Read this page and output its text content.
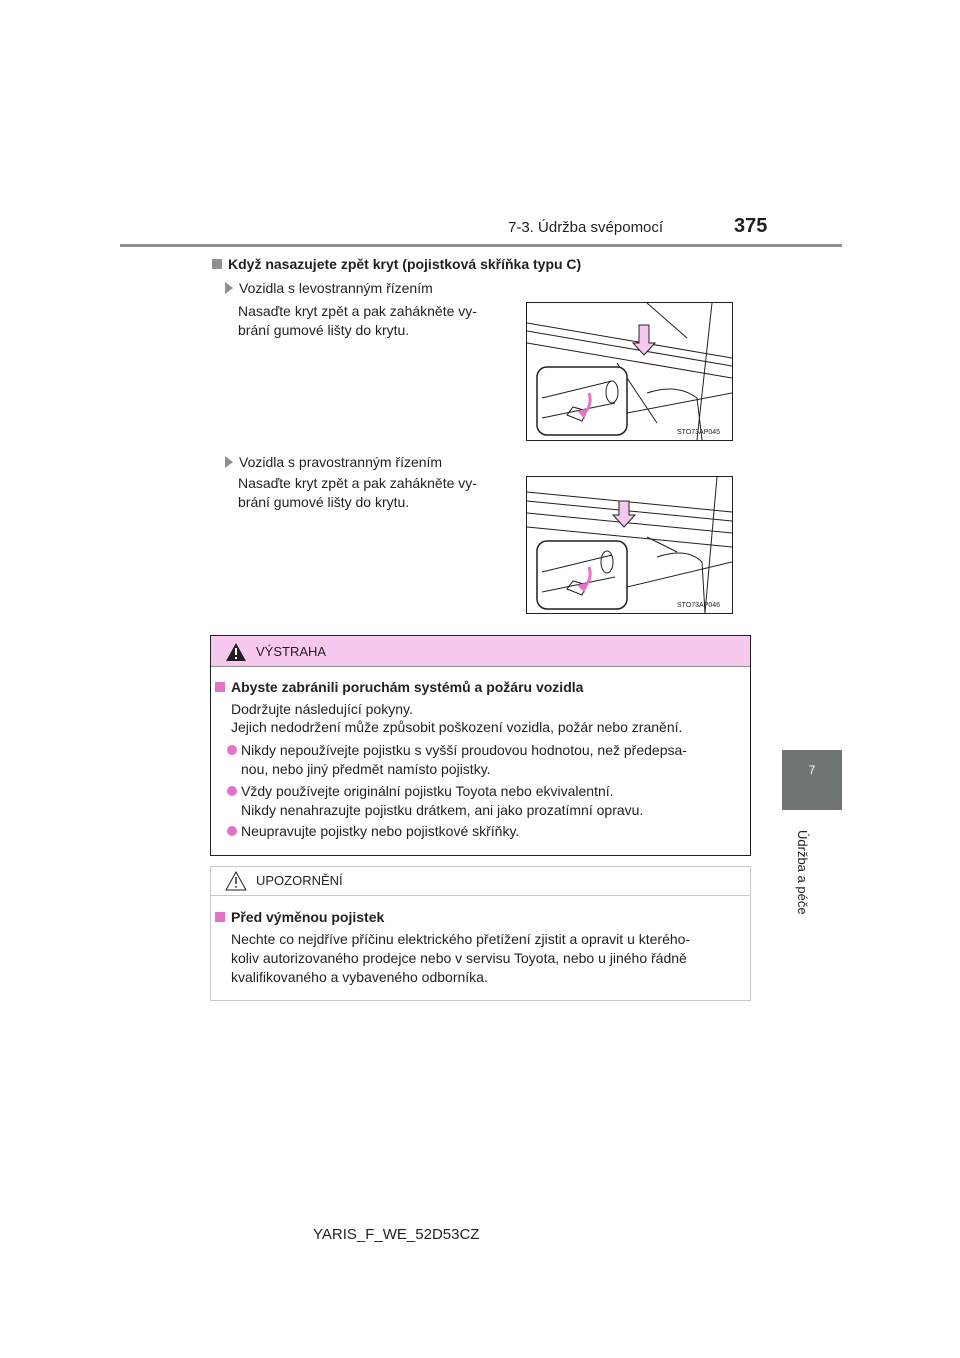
7-3. Údržba svépomocí	375
7
Údržba a péče
Když nasazujete zpět kryt (pojistková skříňka typu C)
Vozidla s levostranným řízením
Nasaďte kryt zpět a pak zahákněte vy-
brání gumové lišty do krytu.
STO73AP045
Vozidla s pravostranným řízením
Nasaďte kryt zpět a pak zahákněte vy-
brání gumové lišty do krytu.
STO73AP046
VÝSTRAHA
Abyste zabránili poruchám systémů a požáru vozidla
Dodržujte následující pokyny.
Jejich nedodržení může způsobit poškození vozidla, požár nebo zranění.
Nikdy nepoužívejte pojistku s vyšší proudovou hodnotou, než předepsa-
nou, nebo jiný předmět namísto pojistky.
Vždy používejte originální pojistku Toyota nebo ekvivalentní.
Nikdy nenahrazujte pojistku drátkem, ani jako prozatímní opravu.
Neupravujte pojistky nebo pojistkové skříňky.
UPOZORNĚNÍ
Před výměnou pojistek
Nechte co nejdříve příčinu elektrického přetížení zjistit a opravit u kterého-
koliv autorizovaného prodejce nebo v servisu Toyota, nebo u jiného řádně
kvalifikovaného a vybaveného odborníka.
YARIS_F_WE_52D53CZ
